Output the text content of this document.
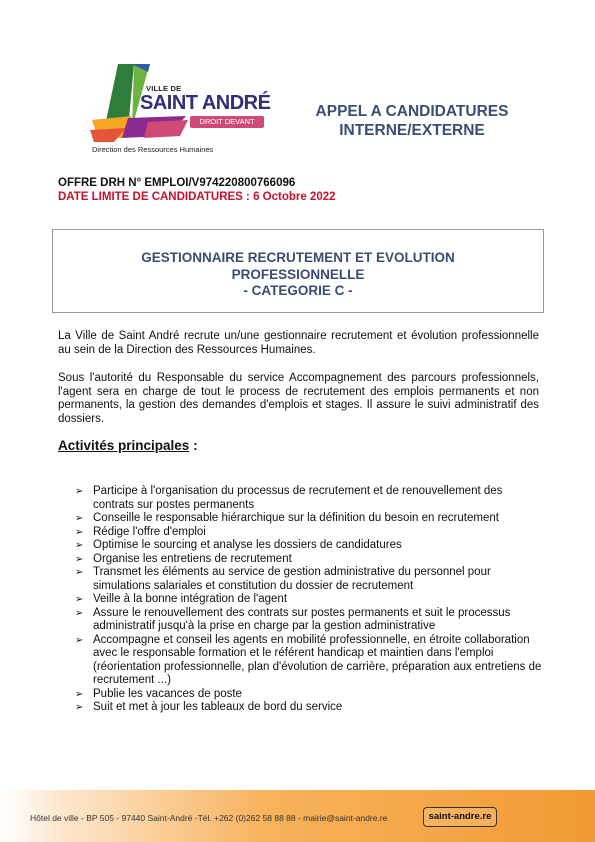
VILLE DE
SAINT ANDRÉ
DROIT DEVANT
Direction des Ressources Humaines
APPEL A CANDIDATURES
INTERNE/EXTERNE
OFFRE DRH N° EMPLOI/V974220800766096
DATE LIMITE DE CANDIDATURES : 6 Octobre 2022
GESTIONNAIRE RECRUTEMENT ET EVOLUTION
PROFESSIONNELLE
- CATEGORIE C -

La Ville de Saint André recrute un/une gestionnaire recrutement et évolution professionnelle au sein de la Direction des Ressources Humaines.

Sous l'autorité du Responsable du service Accompagnement des parcours professionnels, l'agent sera en charge de tout le process de recrutement des emplois permanents et non permanents, la gestion des demandes d'emplois et stages. Il assure le suivi administratif des dossiers.

Activités principales :
➢ Participe à l'organisation du processus de recrutement et de renouvellement des contrats sur postes permanents
➢ Conseille le responsable hiérarchique sur la définition du besoin en recrutement
➢ Rédige l'offre d'emploi
➢ Optimise le sourcing et analyse les dossiers de candidatures
➢ Organise les entretiens de recrutement
➢ Transmet les éléments au service de gestion administrative du personnel pour simulations salariales et constitution du dossier de recrutement
➢ Veille à la bonne intégration de l'agent
➢ Assure le renouvellement des contrats sur postes permanents et suit le processus administratif jusqu'à la prise en charge par la gestion administrative
➢ Accompagne et conseil les agents en mobilité professionnelle, en étroite collaboration avec le responsable formation et le référent handicap et maintien dans l'emploi (réorientation professionnelle, plan d'évolution de carrière, préparation aux entretiens de recrutement ...)
➢ Publie les vacances de poste
➢ Suit et met à jour les tableaux de bord du service
Hôtel de ville - BP 505 - 97440 Saint-André -Tél. +262 (0)262 58 88 88 - mairie@saint-andre.re	saint-andre.re
